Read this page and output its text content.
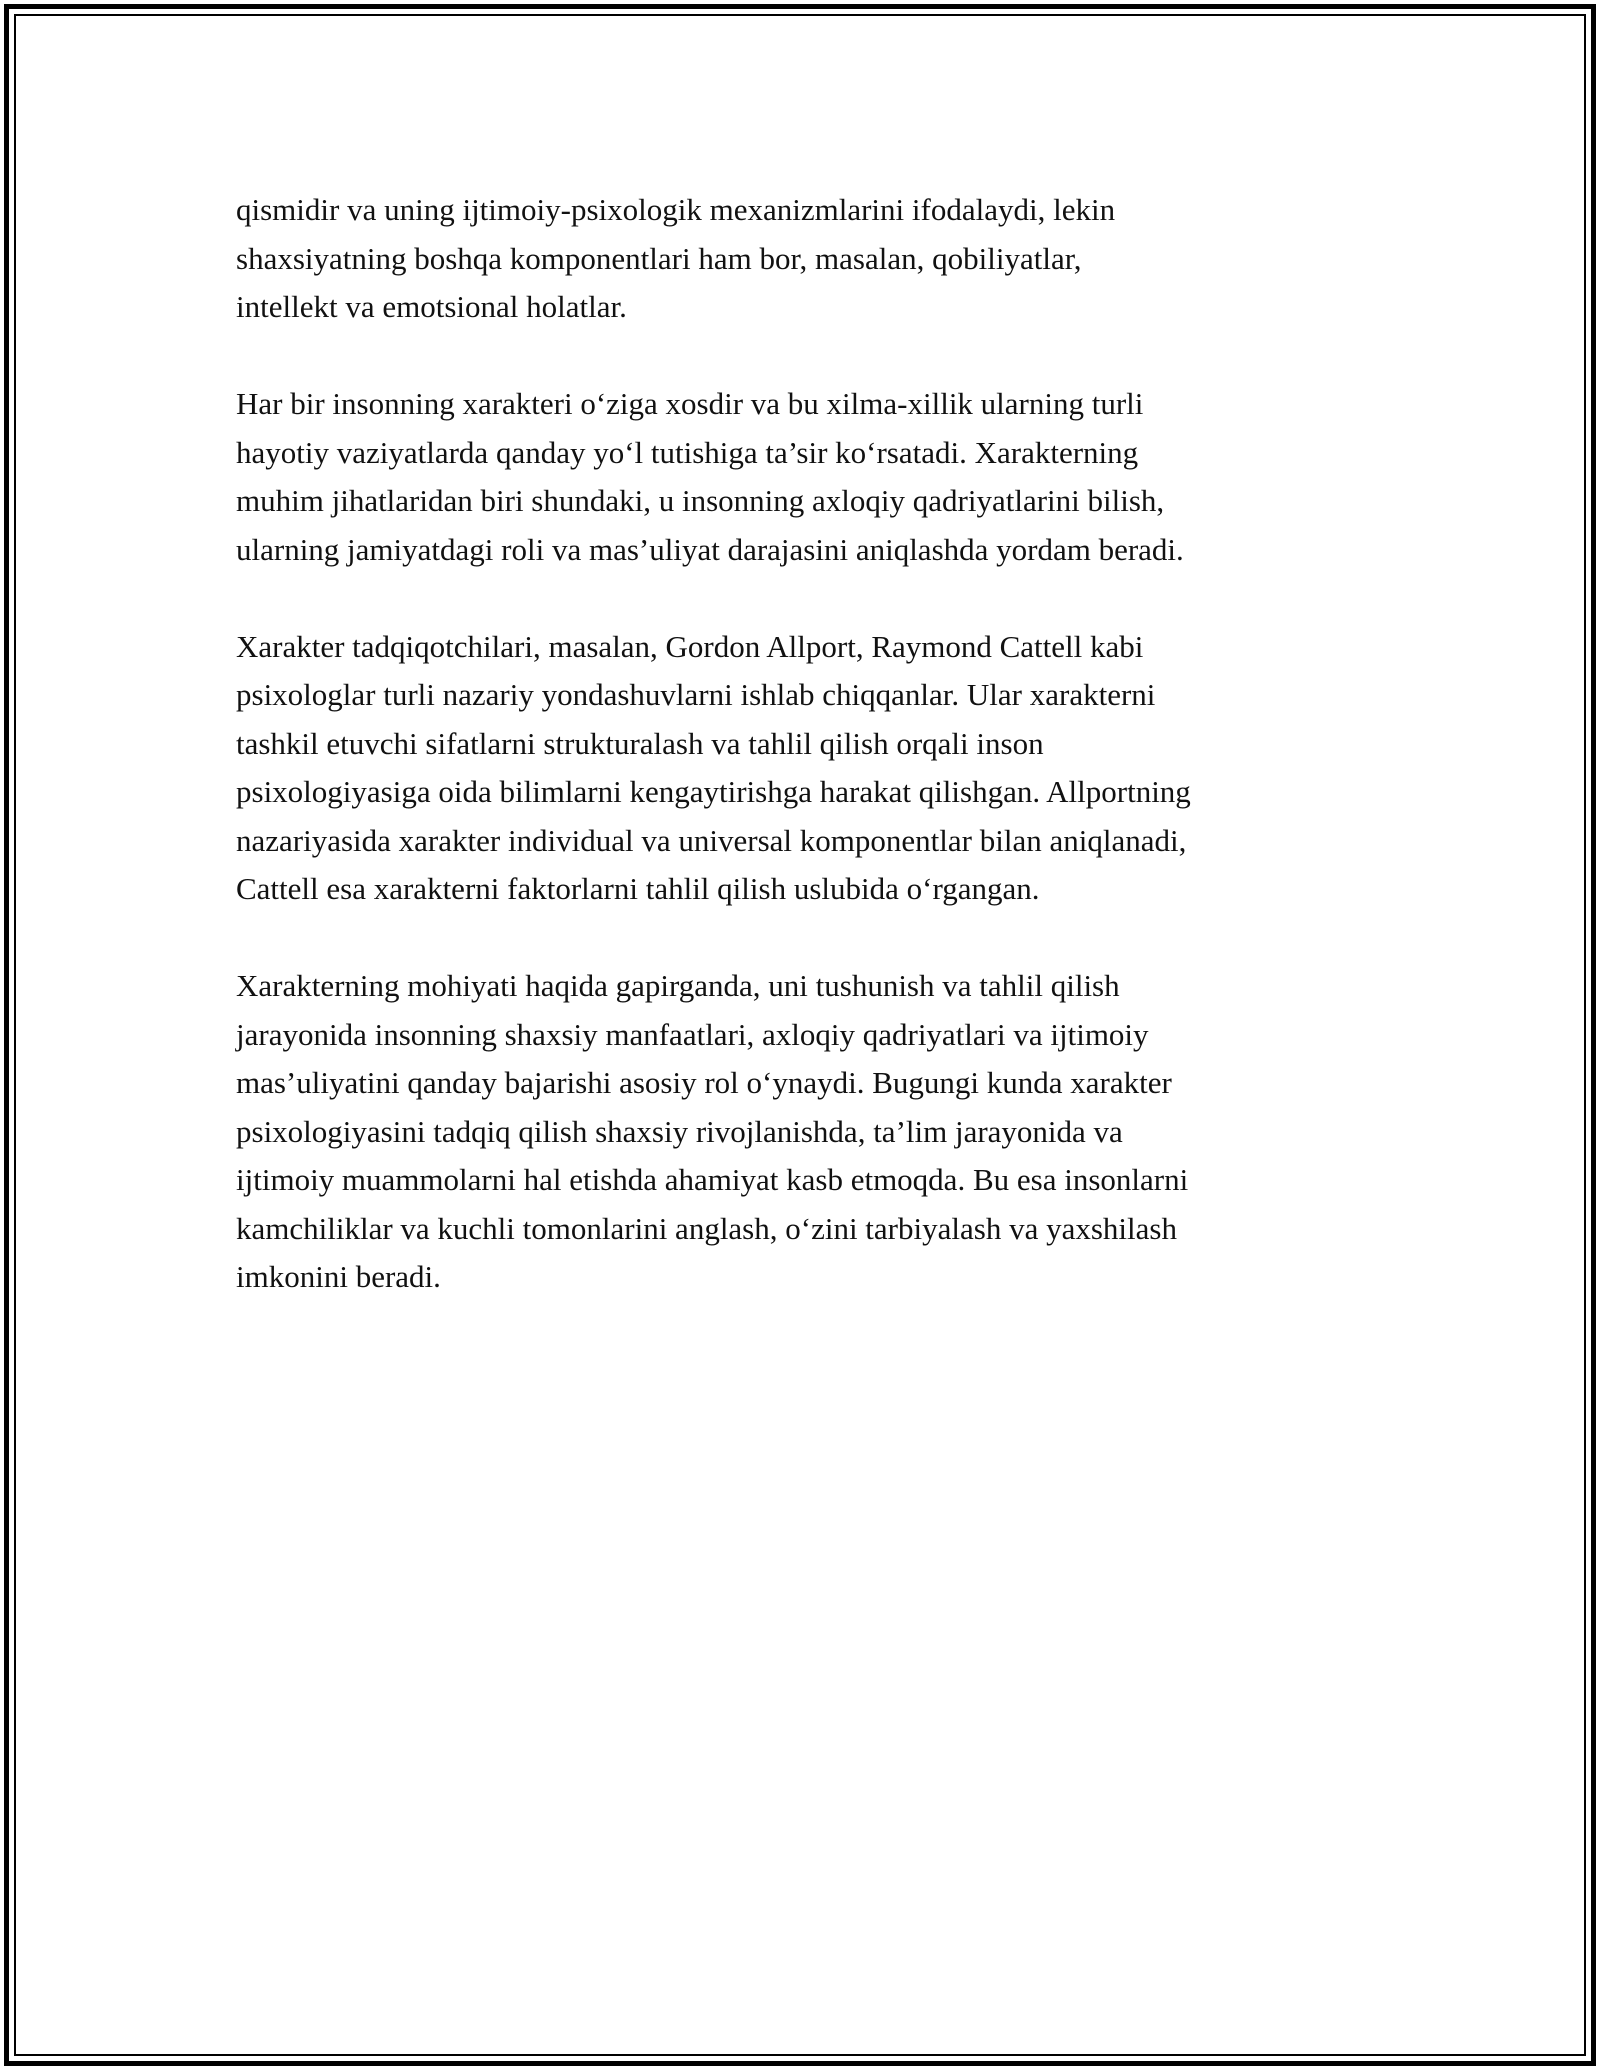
qismidir va uning ijtimoiy-psixologik mexanizmlarini ifodalaydi, lekin
shaxsiyatning boshqa komponentlari ham bor, masalan, qobiliyatlar,
intellekt va emotsional holatlar.

Har bir insonning xarakteri o‘ziga xosdir va bu xilma-xillik ularning turli
hayotiy vaziyatlarda qanday yo‘l tutishiga ta’sir ko‘rsatadi. Xarakterning
muhim jihatlaridan biri shundaki, u insonning axloqiy qadriyatlarini bilish,
ularning jamiyatdagi roli va mas’uliyat darajasini aniqlashda yordam beradi.

Xarakter tadqiqotchilari, masalan, Gordon Allport, Raymond Cattell kabi
psixologlar turli nazariy yondashuvlarni ishlab chiqqanlar. Ular xarakterni
tashkil etuvchi sifatlarni strukturalash va tahlil qilish orqali inson
psixologiyasiga oida bilimlarni kengaytirishga harakat qilishgan. Allportning
nazariyasida xarakter individual va universal komponentlar bilan aniqlanadi,
Cattell esa xarakterni faktorlarni tahlil qilish uslubida o‘rgangan.

Xarakterning mohiyati haqida gapirganda, uni tushunish va tahlil qilish
jarayonida insonning shaxsiy manfaatlari, axloqiy qadriyatlari va ijtimoiy
mas’uliyatini qanday bajarishi asosiy rol o‘ynaydi. Bugungi kunda xarakter
psixologiyasini tadqiq qilish shaxsiy rivojlanishda, ta’lim jarayonida va
ijtimoiy muammolarni hal etishda ahamiyat kasb etmoqda. Bu esa insonlarni
kamchiliklar va kuchli tomonlarini anglash, o‘zini tarbiyalash va yaxshilash
imkonini beradi.
